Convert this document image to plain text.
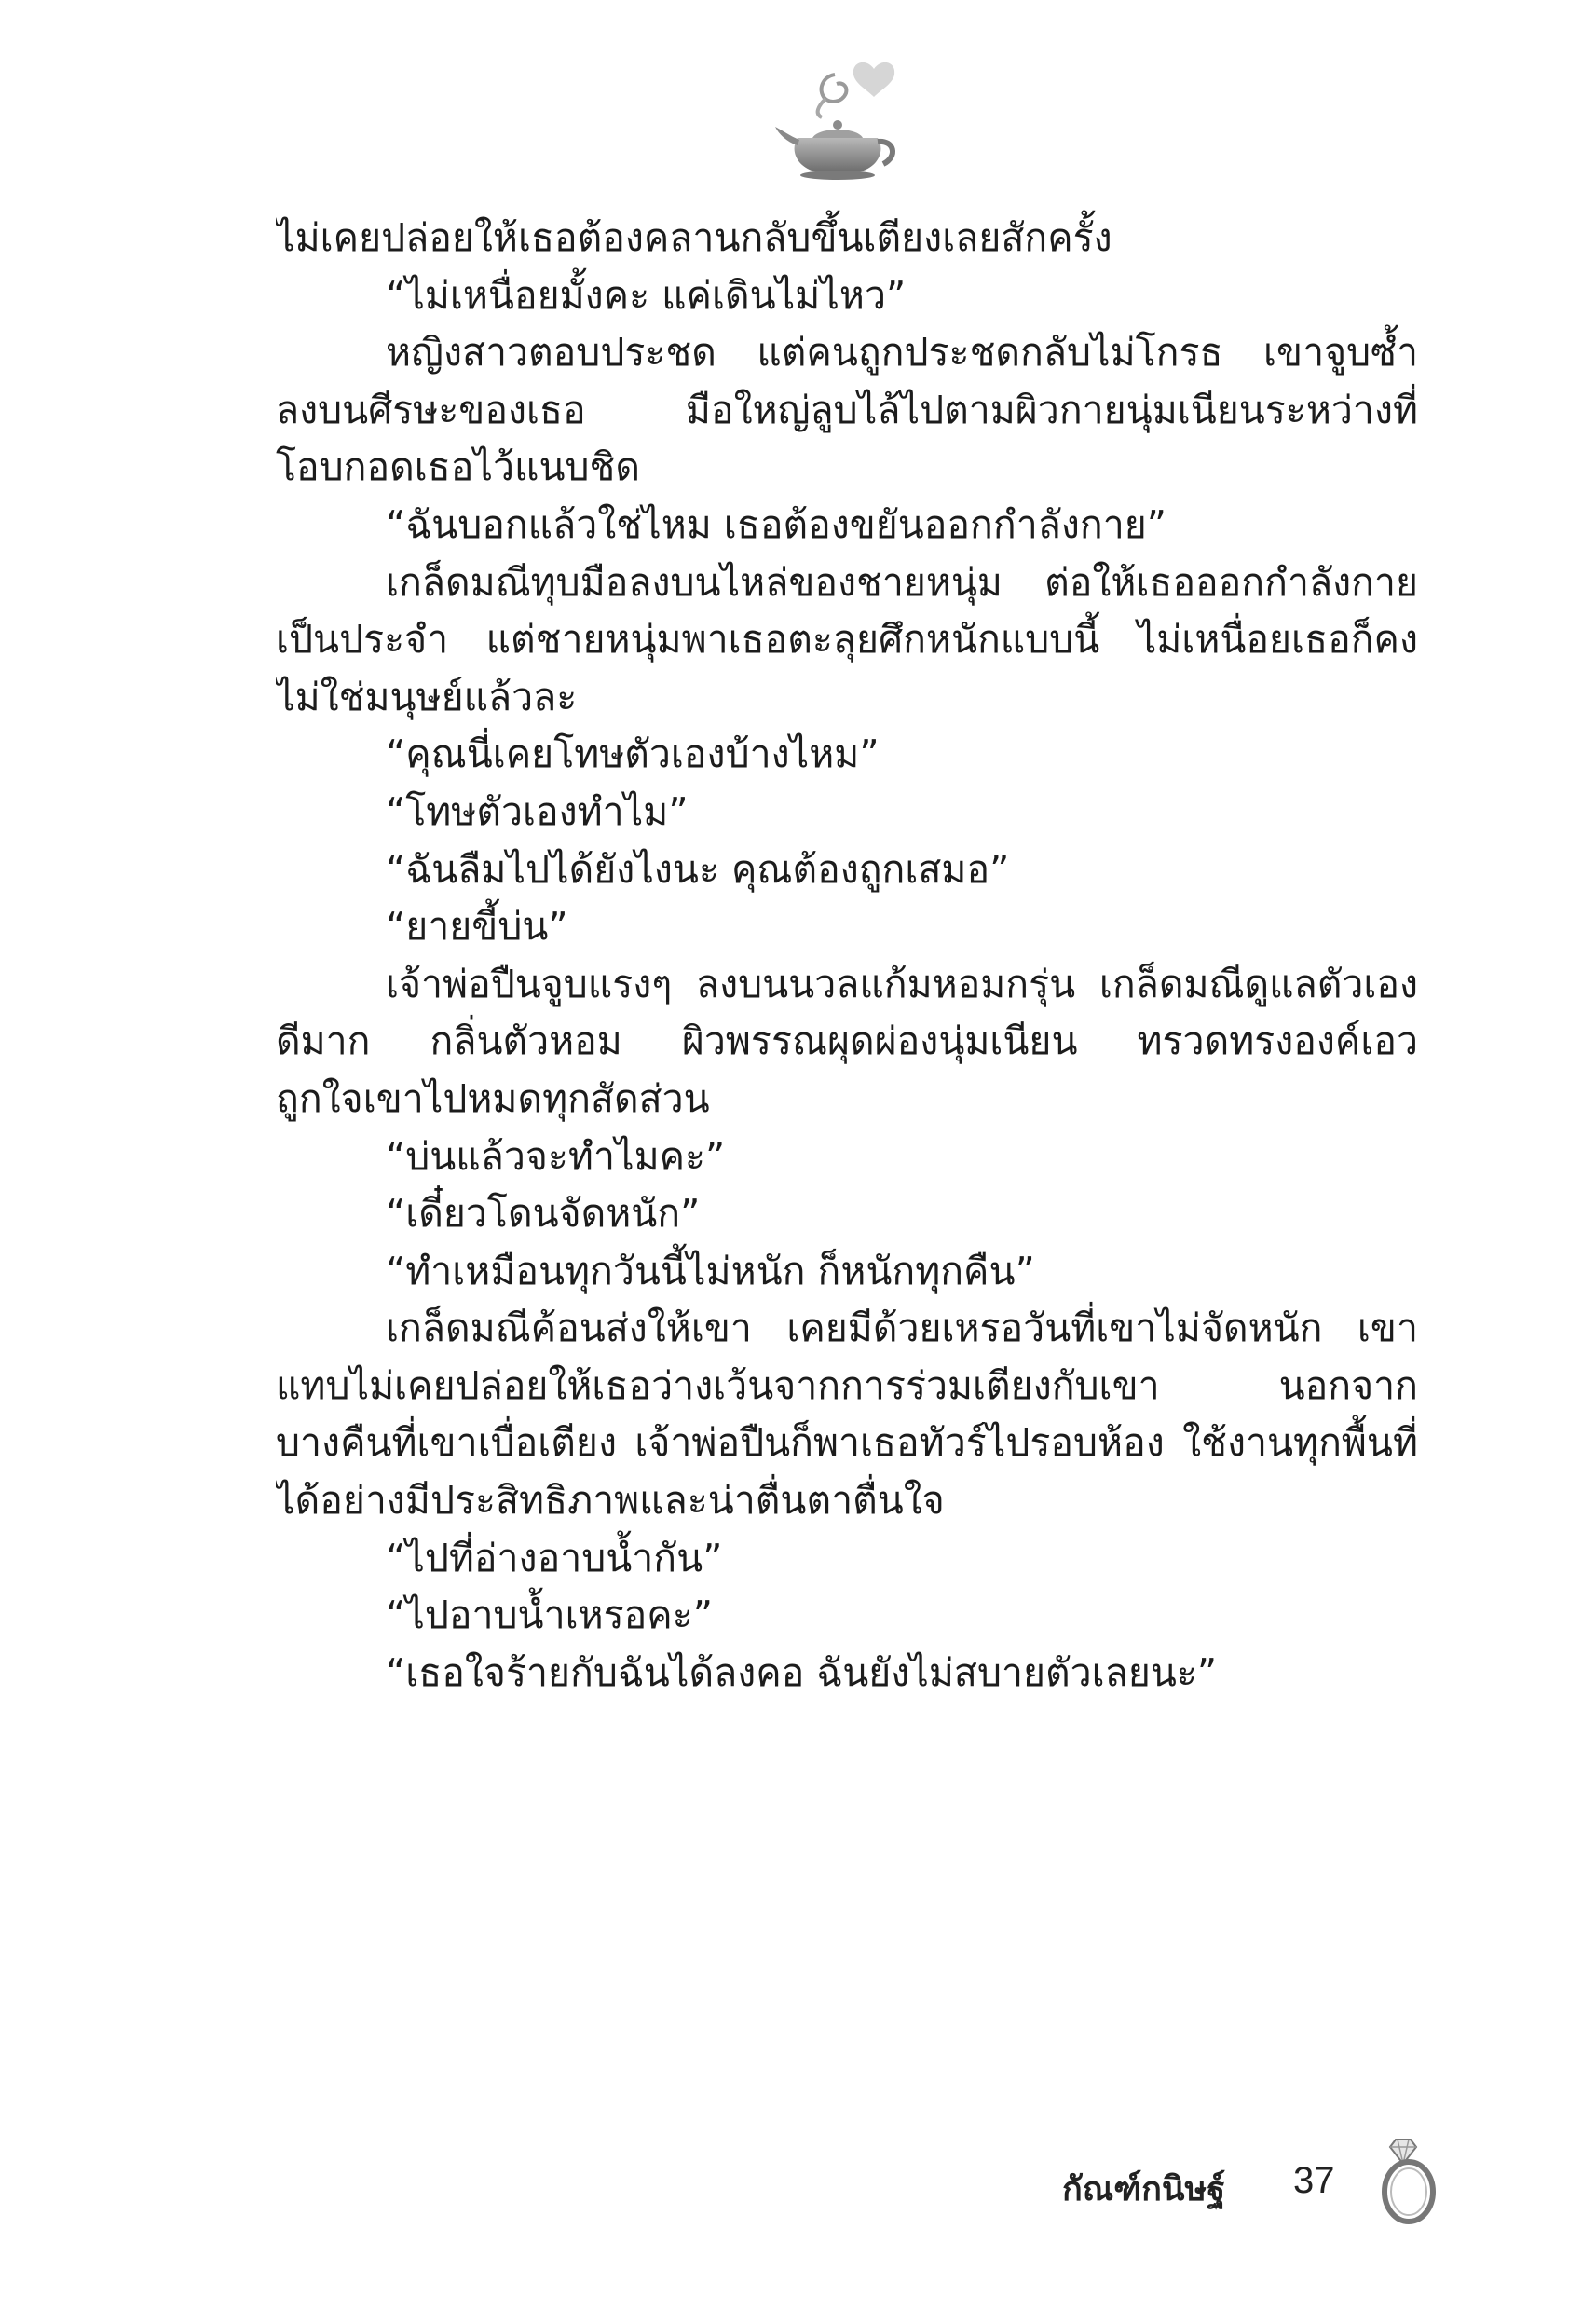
ไม่เคยปล่อยให้เธอต้องคลานกลับขึ้นเตียงเลยสักครั้ง
“ไม่เหนื่อยมั้งคะ แค่เดินไม่ไหว”
หญิงสาวตอบประชด แต่คนถูกประชดกลับไม่โกรธ เขาจูบซ้ำ
ลงบนศีรษะของเธอ มือใหญ่ลูบไล้ไปตามผิวกายนุ่มเนียนระหว่างที่
โอบกอดเธอไว้แนบชิด
“ฉันบอกแล้วใช่ไหม เธอต้องขยันออกกำลังกาย”
เกล็ดมณีทุบมือลงบนไหล่ของชายหนุ่ม ต่อให้เธอออกกำลังกาย
เป็นประจำ แต่ชายหนุ่มพาเธอตะลุยศึกหนักแบบนี้ ไม่เหนื่อยเธอก็คง
ไม่ใช่มนุษย์แล้วละ
“คุณนี่เคยโทษตัวเองบ้างไหม”
“โทษตัวเองทำไม”
“ฉันลืมไปได้ยังไงนะ คุณต้องถูกเสมอ”
“ยายขี้บ่น”
เจ้าพ่อปืนจูบแรงๆ ลงบนนวลแก้มหอมกรุ่น เกล็ดมณีดูแลตัวเอง
ดีมาก กลิ่นตัวหอม ผิวพรรณผุดผ่องนุ่มเนียน ทรวดทรงองค์เอว
ถูกใจเขาไปหมดทุกสัดส่วน
“บ่นแล้วจะทำไมคะ”
“เดี๋ยวโดนจัดหนัก”
“ทำเหมือนทุกวันนี้ไม่หนัก ก็หนักทุกคืน”
เกล็ดมณีค้อนส่งให้เขา เคยมีด้วยเหรอวันที่เขาไม่จัดหนัก เขา
แทบไม่เคยปล่อยให้เธอว่างเว้นจากการร่วมเตียงกับเขา นอกจาก
บางคืนที่เขาเบื่อเตียง เจ้าพ่อปืนก็พาเธอทัวร์ไปรอบห้อง ใช้งานทุกพื้นที่
ได้อย่างมีประสิทธิภาพและน่าตื่นตาตื่นใจ
“ไปที่อ่างอาบน้ำกัน”
“ไปอาบน้ำเหรอคะ”
“เธอใจร้ายกับฉันได้ลงคอ ฉันยังไม่สบายตัวเลยนะ”
กัณฑ์กนิษฐ์ 37
